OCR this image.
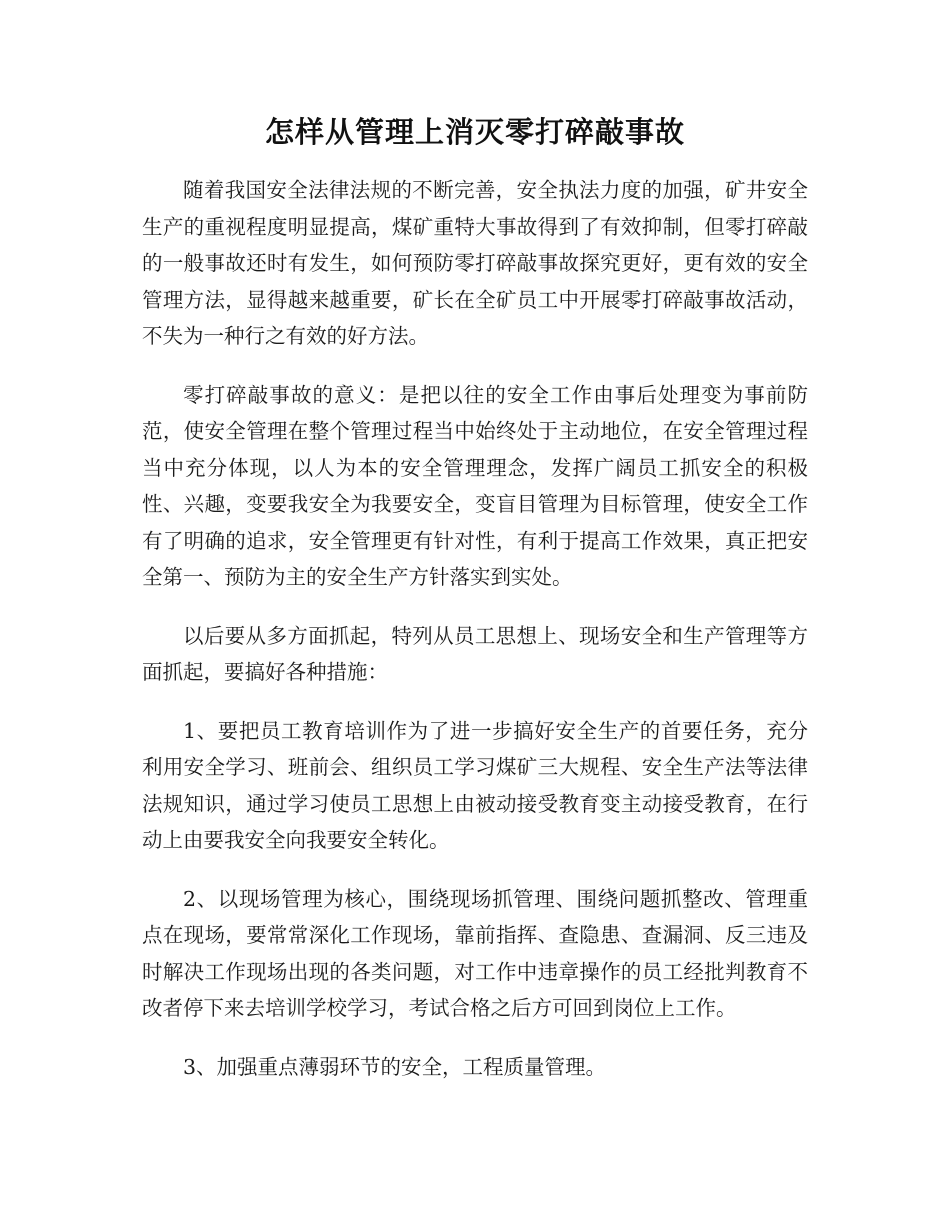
怎样从管理上消灭零打碎敲事故

随着我国安全法律法规的不断完善，安全执法力度的加强，矿井安全生产的重视程度明显提高，煤矿重特大事故得到了有效抑制，但零打碎敲的一般事故还时有发生，如何预防零打碎敲事故探究更好，更有效的安全管理方法，显得越来越重要，矿长在全矿员工中开展零打碎敲事故活动，不失为一种行之有效的好方法。

零打碎敲事故的意义：是把以往的安全工作由事后处理变为事前防范，使安全管理在整个管理过程当中始终处于主动地位，在安全管理过程当中充分体现，以人为本的安全管理理念，发挥广阔员工抓安全的积极性、兴趣，变要我安全为我要安全，变盲目管理为目标管理，使安全工作有了明确的追求，安全管理更有针对性，有利于提高工作效果，真正把安全第一、预防为主的安全生产方针落实到实处。

以后要从多方面抓起，特列从员工思想上、现场安全和生产管理等方面抓起，要搞好各种措施：

1、要把员工教育培训作为了进一步搞好安全生产的首要任务，充分利用安全学习、班前会、组织员工学习煤矿三大规程、安全生产法等法律法规知识，通过学习使员工思想上由被动接受教育变主动接受教育，在行动上由要我安全向我要安全转化。

2、以现场管理为核心，围绕现场抓管理、围绕问题抓整改、管理重点在现场，要常常深化工作现场，靠前指挥、查隐患、查漏洞、反三违及时解决工作现场出现的各类问题，对工作中违章操作的员工经批判教育不改者停下来去培训学校学习，考试合格之后方可回到岗位上工作。

3、加强重点薄弱环节的安全，工程质量管理。
